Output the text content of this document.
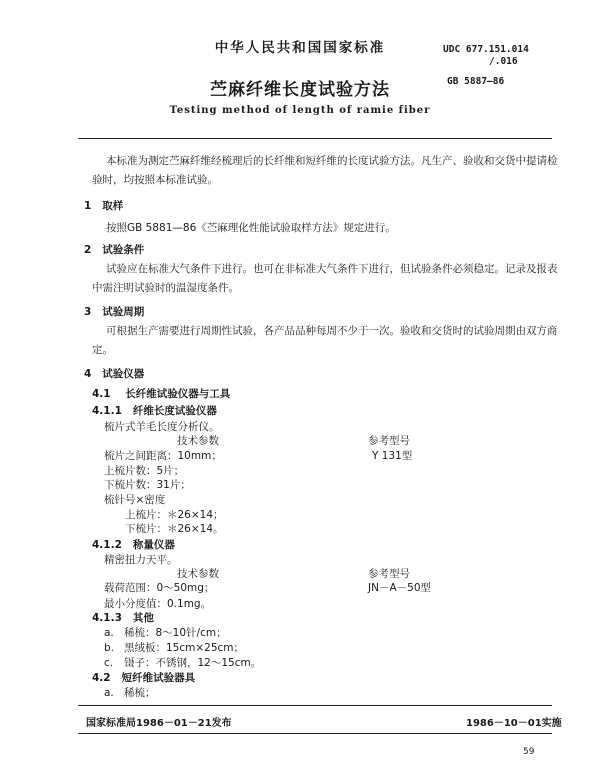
中华人民共和国国家标准	UDC 677.151.014
/.016
GB 5887—86
苎麻纤维长度试验方法
Testing method of length of ramie fiber
本标准为测定苎麻纤维经梳理后的长纤维和短纤维的长度试验方法。凡生产、验收和交货中提请检验时，均按照本标准试验。
1 取样
按照GB 5881—86《苎麻理化性能试验取样方法》规定进行。
2 试验条件
试验应在标准大气条件下进行。也可在非标准大气条件下进行，但试验条件必须稳定。记录及报表中需注明试验时的温湿度条件。
3 试验周期
可根据生产需要进行周期性试验，各产品品种每周不少于一次。验收和交货时的试验周期由双方商定。
4 试验仪器
4.1 长纤维试验仪器与工具
4.1.1 纤维长度试验仪器
梳片式羊毛长度分析仪。
技术参数	参考型号
梳片之间距离：10mm；	Y 131型
上梳片数：5片；
下梳片数：31片；
梳针号×密度
上梳片：＊26×14；
下梳片：＊26×14。
4.1.2 称量仪器
精密扭力天平。
技术参数	参考型号
载荷范围：0～50mg；	JN－A－50型
最小分度值：0.1mg。
4.1.3 其他
a. 稀梳：8～10针/cm；
b. 黑绒板：15cm×25cm；
c. 镊子：不锈钢，12～15cm。
4.2 短纤维试验器具
a. 稀梳；
国家标准局1986－01－21发布	1986－10－01实施
59
